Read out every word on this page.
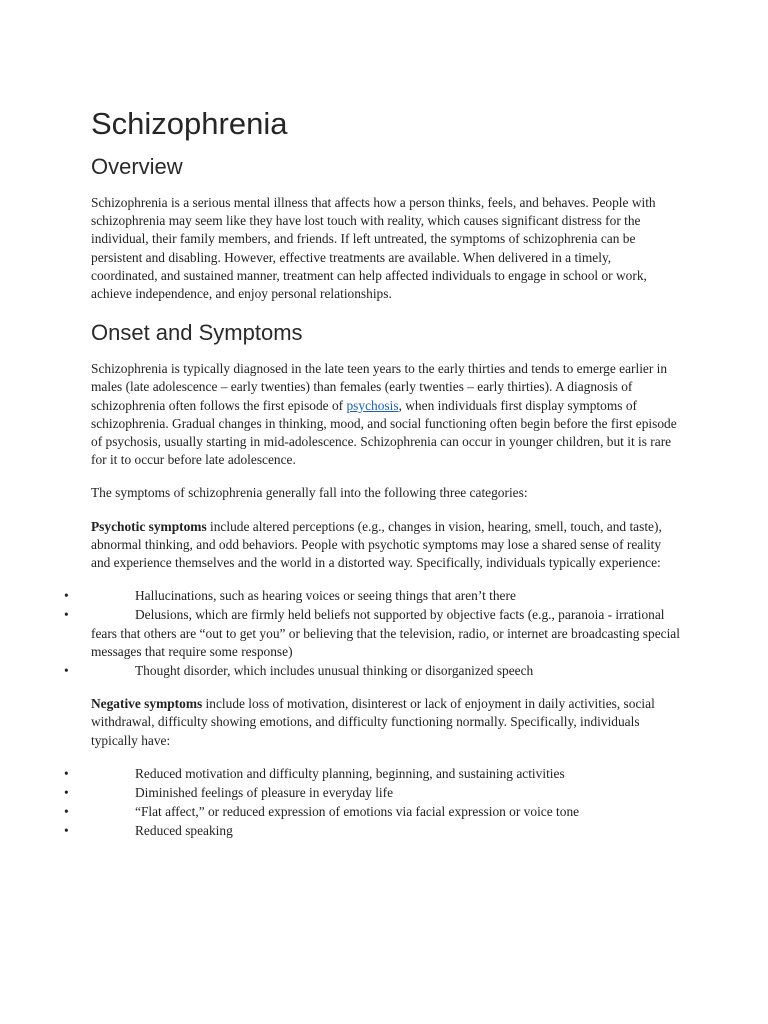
Schizophrenia
Overview

Schizophrenia is a serious mental illness that affects how a person thinks, feels, and behaves. People with schizophrenia may seem like they have lost touch with reality, which causes significant distress for the individual, their family members, and friends. If left untreated, the symptoms of schizophrenia can be persistent and disabling. However, effective treatments are available. When delivered in a timely, coordinated, and sustained manner, treatment can help affected individuals to engage in school or work, achieve independence, and enjoy personal relationships.

Onset and Symptoms

Schizophrenia is typically diagnosed in the late teen years to the early thirties and tends to emerge earlier in males (late adolescence – early twenties) than females (early twenties – early thirties). A diagnosis of schizophrenia often follows the first episode of psychosis, when individuals first display symptoms of schizophrenia. Gradual changes in thinking, mood, and social functioning often begin before the first episode of psychosis, usually starting in mid-adolescence. Schizophrenia can occur in younger children, but it is rare for it to occur before late adolescence.

The symptoms of schizophrenia generally fall into the following three categories:

Psychotic symptoms include altered perceptions (e.g., changes in vision, hearing, smell, touch, and taste), abnormal thinking, and odd behaviors. People with psychotic symptoms may lose a shared sense of reality and experience themselves and the world in a distorted way. Specifically, individuals typically experience:

•	Hallucinations, such as hearing voices or seeing things that aren’t there
•	Delusions, which are firmly held beliefs not supported by objective facts (e.g., paranoia - irrational fears that others are “out to get you” or believing that the television, radio, or internet are broadcasting special messages that require some response)
•	Thought disorder, which includes unusual thinking or disorganized speech

Negative symptoms include loss of motivation, disinterest or lack of enjoyment in daily activities, social withdrawal, difficulty showing emotions, and difficulty functioning normally. Specifically, individuals typically have:

•	Reduced motivation and difficulty planning, beginning, and sustaining activities
•	Diminished feelings of pleasure in everyday life
•	“Flat affect,” or reduced expression of emotions via facial expression or voice tone
•	Reduced speaking
